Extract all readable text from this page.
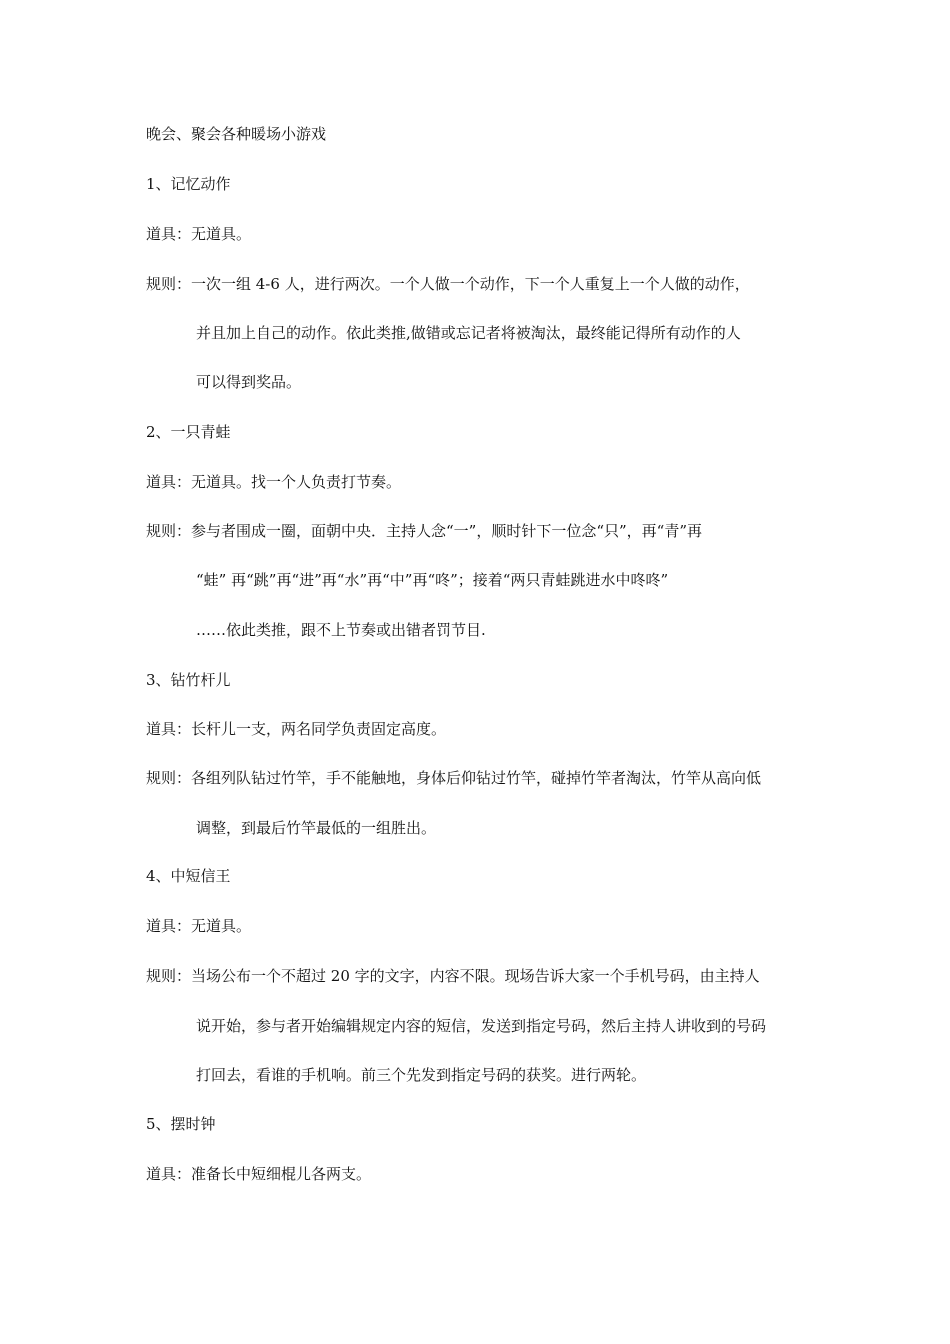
晚会、聚会各种暖场小游戏
1、记忆动作
道具：无道具。
规则：一次一组 4-6 人，进行两次。一个人做一个动作，下一个人重复上一个人做的动作，
并且加上自己的动作。依此类推,做错或忘记者将被淘汰，最终能记得所有动作的人
可以得到奖品。
2、一只青蛙
道具：无道具。找一个人负责打节奏。
规则：参与者围成一圈，面朝中央．主持人念“一”，顺时针下一位念“只”，再“青”再
“蛙” 再“跳”再“进”再“水”再“中”再“咚”；接着“两只青蛙跳进水中咚咚”
……依此类推，跟不上节奏或出错者罚节目.
3、钻竹杆儿
道具：长杆儿一支，两名同学负责固定高度。
规则：各组列队钻过竹竿，手不能触地，身体后仰钻过竹竿，碰掉竹竿者淘汰，竹竿从高向低
调整，到最后竹竿最低的一组胜出。
4、中短信王
道具：无道具。
规则：当场公布一个不超过 20 字的文字，内容不限。现场告诉大家一个手机号码，由主持人
说开始，参与者开始编辑规定内容的短信，发送到指定号码，然后主持人讲收到的号码
打回去，看谁的手机响。前三个先发到指定号码的获奖。进行两轮。
5、摆时钟
道具：准备长中短细棍儿各两支。
